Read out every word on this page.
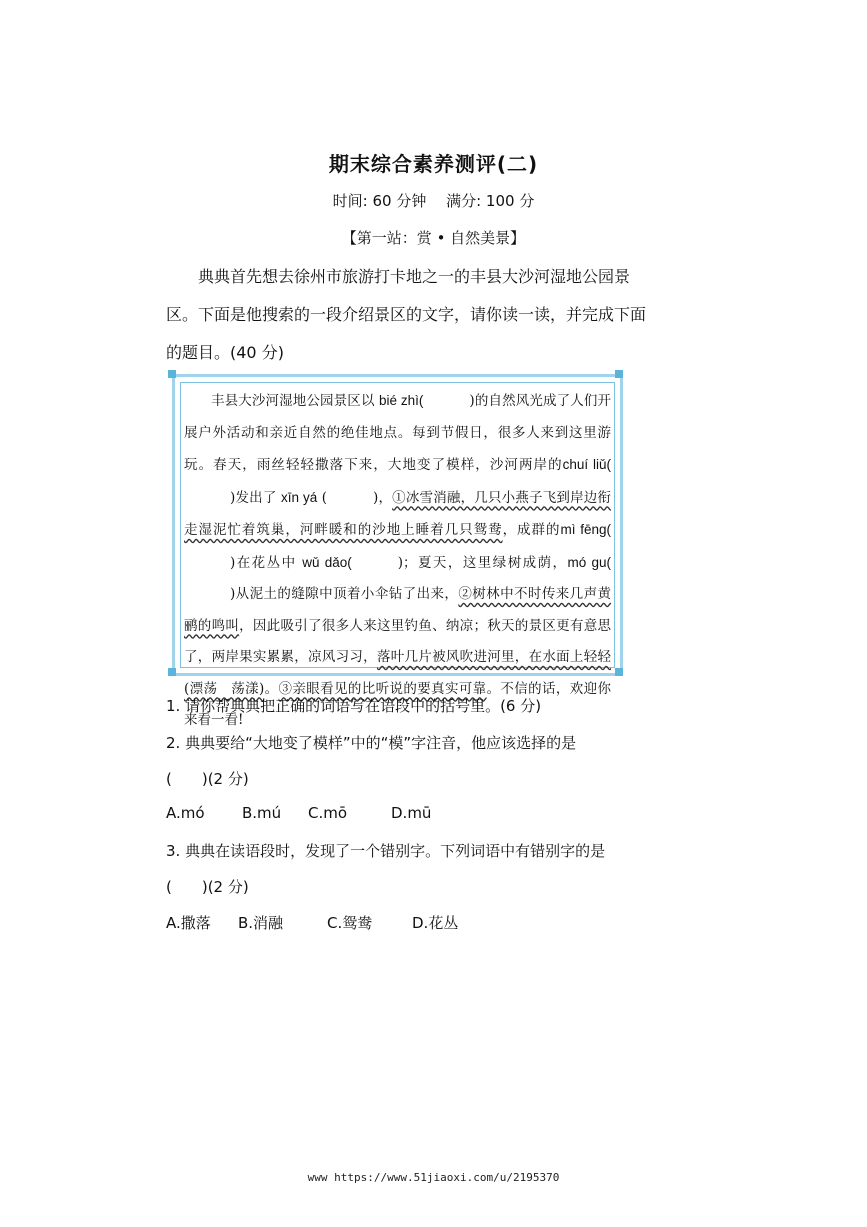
期末综合素养测评(二)
时间: 60 分钟　 满分: 100 分
【第一站：赏 • 自然美景】
典典首先想去徐州市旅游打卡地之一的丰县大沙河湿地公园景区。下面是他搜索的一段介绍景区的文字，请你读一读，并完成下面的题目。(40 分)
丰县大沙河湿地公园景区以 bié zhì(	)的自然风光成了人们开展户外活动和亲近自然的绝佳地点。每到节假日，很多人来到这里游玩。春天，雨丝轻轻撒落下来，大地变了模样，沙河两岸的chuí liǔ()发出了 xīn yá (	)，①冰雪消融，几只小燕子飞到岸边衔走湿泥忙着筑巢，河畔暖和的沙地上睡着几只鸳鸯，成群的mì fēng()在花丛中 wǔ dǎo(	)；夏天，这里绿树成荫，mó gu()从泥土的缝隙中顶着小伞钻了出来，②树林中不时传来几声黄鹂的鸣叫，因此吸引了很多人来这里钓鱼、纳凉；秋天的景区更有意思了，两岸果实累累，凉风习习，落叶几片被风吹进河里，在水面上轻轻(漂荡　荡漾)。③亲眼看见的比听说的要真实可靠。不信的话，欢迎你来看一看!
1. 请你帮典典把正确的词语写在语段中的括号里。(6 分)
2. 典典要给“大地变了模样”中的“模”字注音，他应该选择的是
(　　)(2 分)
A.mó B.mú C.mō	D.mū
3. 典典在读语段时，发现了一个错别字。下列词语中有错别字的是
(　　)(2 分)
A.撒落 B.消融	C.鸳鸯	D.花丛
www https://www.51jiaoxi.com/u/2195370
